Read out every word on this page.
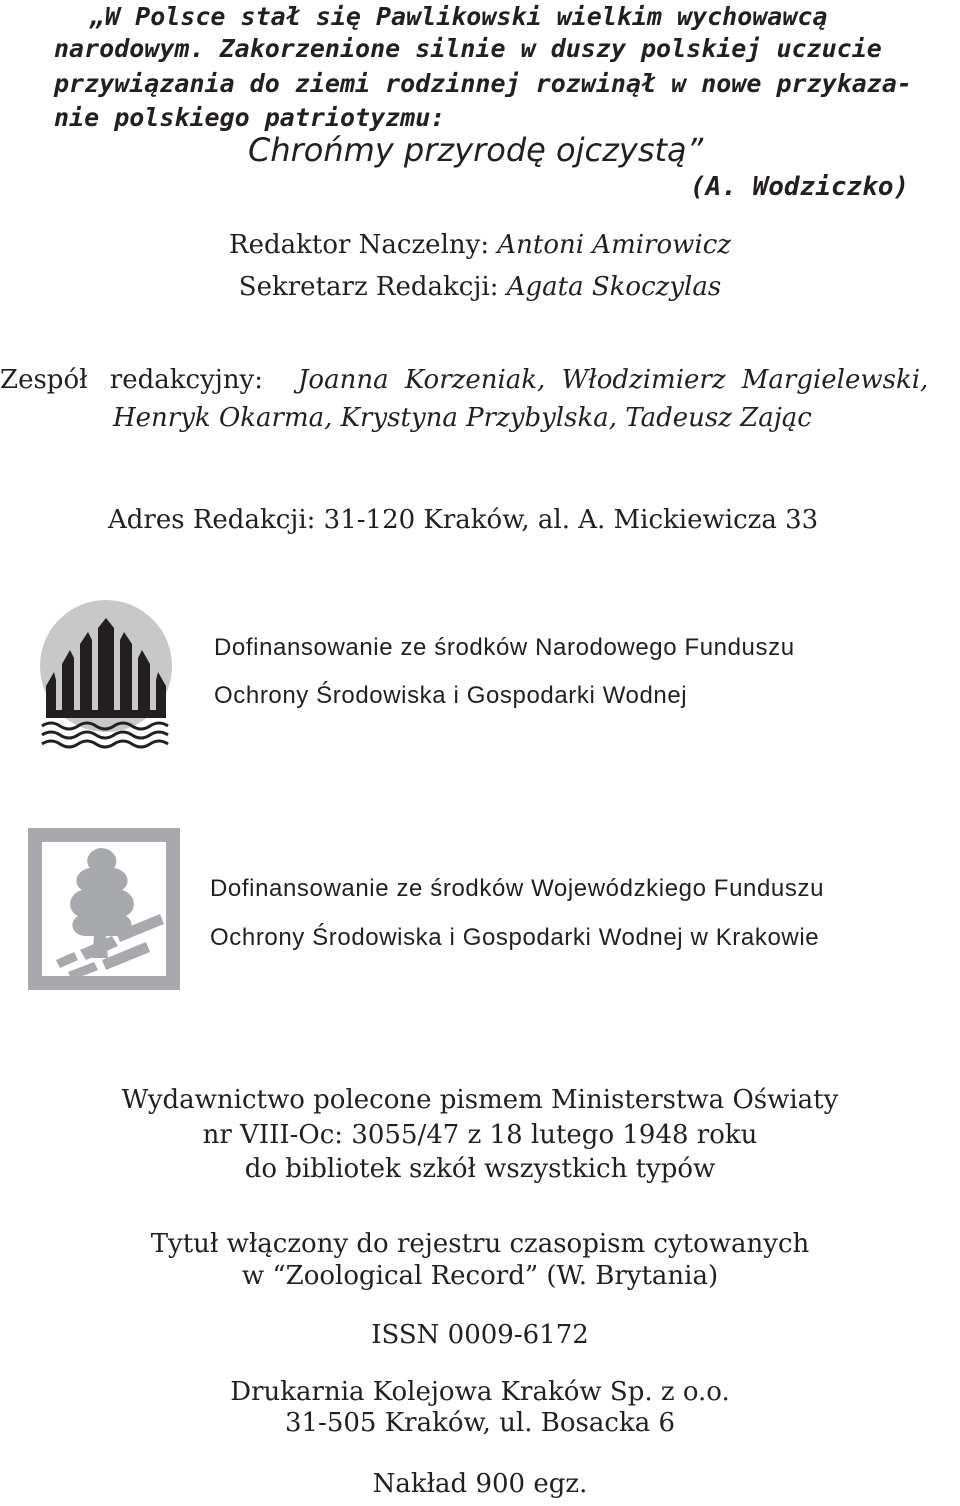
„W Polsce stał się Pawlikowski wielkim wychowawcą
narodowym. Zakorzenione silnie w duszy polskiej uczucie
przywiązania do ziemi rodzinnej rozwinął w nowe przykaza-
nie polskiego patriotyzmu:
Chrońmy przyrodę ojczystą”
(A. Wodziczko)
Redaktor Naczelny: Antoni Amirowicz
Sekretarz Redakcji: Agata Skoczylas
Zespół redakcyjny: Joanna Korzeniak, Włodzimierz Margielewski,
Henryk Okarma, Krystyna Przybylska, Tadeusz Zając
Adres Redakcji: 31-120 Kraków, al. A. Mickiewicza 33
Dofinansowanie ze środków Narodowego Funduszu
Ochrony Środowiska i Gospodarki Wodnej
Dofinansowanie ze środków Wojewódzkiego Funduszu
Ochrony Środowiska i Gospodarki Wodnej w Krakowie
Wydawnictwo polecone pismem Ministerstwa Oświaty
nr VIII-Oc: 3055/47 z 18 lutego 1948 roku
do bibliotek szkół wszystkich typów
Tytuł włączony do rejestru czasopism cytowanych
w “Zoological Record” (W. Brytania)
ISSN 0009-6172
Drukarnia Kolejowa Kraków Sp. z o.o.
31-505 Kraków, ul. Bosacka 6
Nakład 900 egz.
